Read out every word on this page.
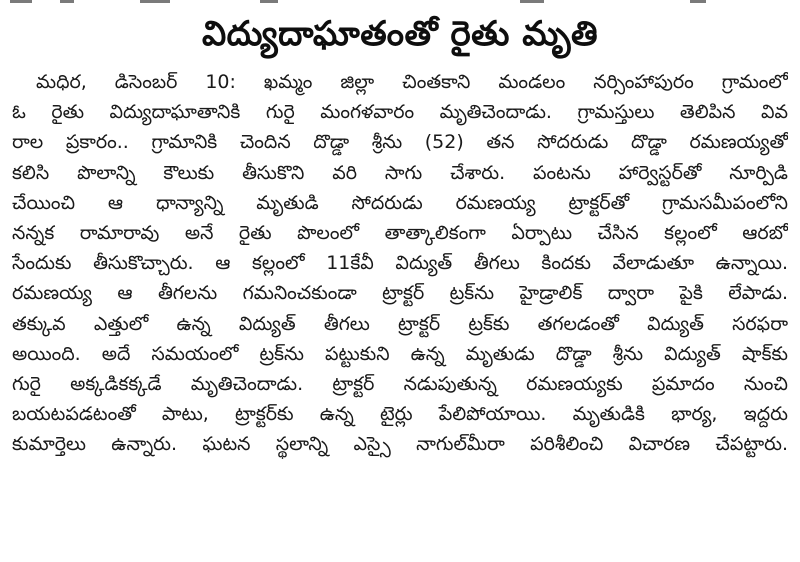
విద్యుదాఘాతంతో రైతు మృతి
మధిర, డిసెంబర్ 10: ఖమ్మం జిల్లా చింతకాని మండలం నర్సింహాపురం గ్రామంలో
ఓ రైతు విద్యుదాఘాతానికి గురై మంగళవారం మృతిచెందాడు. గ్రామస్తులు తెలిపిన వివ
రాల ప్రకారం.. గ్రామానికి చెందిన దొడ్డా శ్రీను (52) తన సోదరుడు దొడ్డా రమణయ్యతో
కలిసి పొలాన్ని కౌలుకు తీసుకొని వరి సాగు చేశారు. పంటను హార్వెస్టర్‌తో నూర్పిడి
చేయించి ఆ ధాన్యాన్ని మృతుడి సోదరుడు రమణయ్య ట్రాక్టర్‌తో గ్రామసమీపంలోని
నన్నక రామారావు అనే రైతు పొలంలో తాత్కాలికంగా ఏర్పాటు చేసిన కల్లంలో ఆరబో
సేందుకు తీసుకొచ్చారు. ఆ కల్లంలో 11కేవీ విద్యుత్ తీగలు కిందకు వేలాడుతూ ఉన్నాయి.
రమణయ్య ఆ తీగలను గమనించకుండా ట్రాక్టర్ ట్రక్‌ను హైడ్రాలిక్ ద్వారా పైకి లేపాడు.
తక్కువ ఎత్తులో ఉన్న విద్యుత్ తీగలు ట్రాక్టర్ ట్రక్‌కు తగలడంతో విద్యుత్ సరఫరా
అయింది. అదే సమయంలో ట్రక్‌ను పట్టుకుని ఉన్న మృతుడు దొడ్డా శ్రీను విద్యుత్ షాక్‌కు
గురై అక్కడికక్కడే మృతిచెందాడు. ట్రాక్టర్ నడుపుతున్న రమణయ్యకు ప్రమాదం నుంచి
బయటపడటంతో పాటు, ట్రాక్టర్‌కు ఉన్న టైర్లు పేలిపోయాయి. మృతుడికి భార్య, ఇద్దరు
కుమార్తెలు ఉన్నారు. ఘటన స్థలాన్ని ఎస్సై నాగుల్‌మీరా పరిశీలించి విచారణ చేపట్టారు.
